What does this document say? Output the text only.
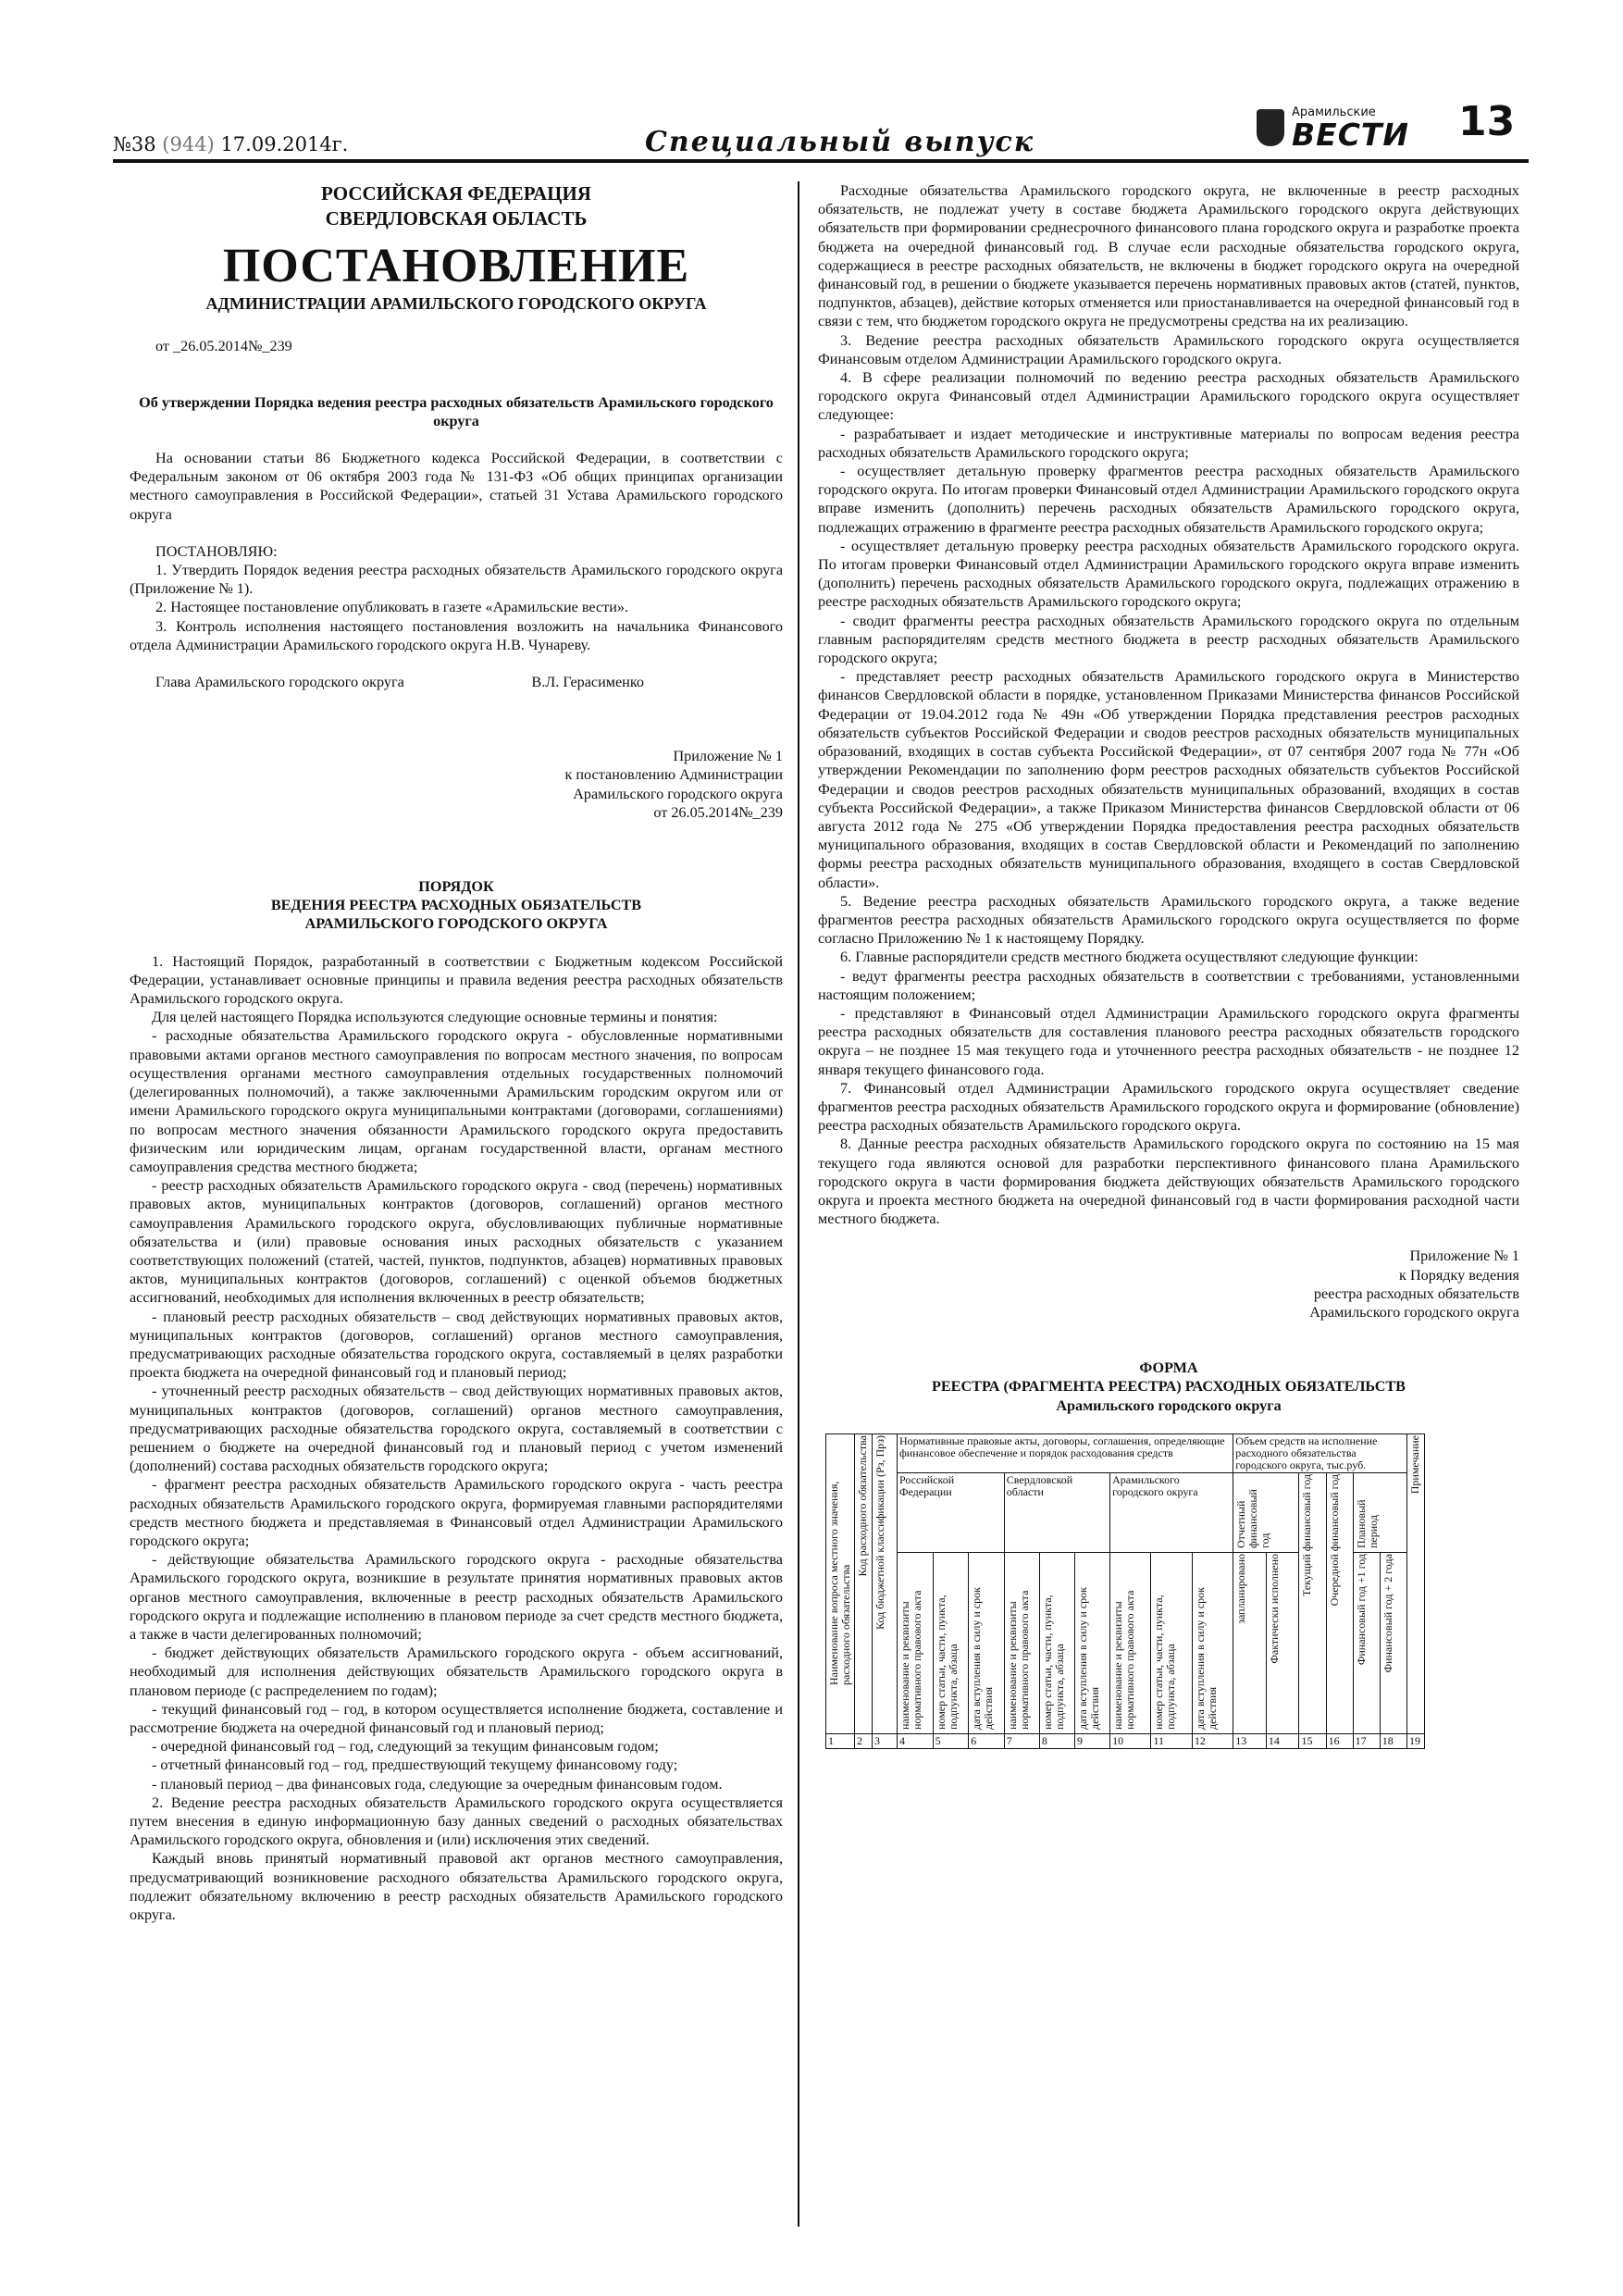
№38 (944) 17.09.2014г.	Специальный выпуск
Арамильские
ВЕСТИ 13
РОССИЙСКАЯ ФЕДЕРАЦИЯ
СВЕРДЛОВСКАЯ ОБЛАСТЬ
ПОСТАНОВЛЕНИЕ
АДМИНИСТРАЦИИ АРАМИЛЬСКОГО ГОРОДСКОГО ОКРУГА

от _26.05.2014№_239

Об утверждении Порядка ведения реестра расходных обязательств Арамильского городского округа

На основании статьи 86 Бюджетного кодекса Российской Федерации, в соответствии с Федеральным законом от 06 октября 2003 года № 131-ФЗ «Об общих принципах организации местного самоуправления в Российской Федерации», статьей 31 Устава Арамильского городского округа

ПОСТАНОВЛЯЮ:

1. Утвердить Порядок ведения реестра расходных обязательств Арамильского городского округа (Приложение № 1).

2. Настоящее постановление опубликовать в газете «Арамильские вести».

3. Контроль исполнения настоящего постановления возложить на начальника Финансового отдела Администрации Арамильского городского округа Н.В. Чунареву.

Глава Арамильского городского округа	В.Л. Герасименко

Приложение № 1

к постановлению Администрации

Арамильского городского округа

от 26.05.2014№_239

ПОРЯДОК

ВЕДЕНИЯ РЕЕСТРА РАСХОДНЫХ ОБЯЗАТЕЛЬСТВ

АРАМИЛЬСКОГО ГОРОДСКОГО ОКРУГА

1. Настоящий Порядок, разработанный в соответствии с Бюджетным кодексом Российской Федерации, устанавливает основные принципы и правила ведения реестра расходных обязательств Арамильского городского округа.

Для целей настоящего Порядка используются следующие основные термины и понятия:

- расходные обязательства Арамильского городского округа - обусловленные нормативными правовыми актами органов местного самоуправления по вопросам местного значения, по вопросам осуществления органами местного самоуправления отдельных государственных полномочий (делегированных полномочий), а также заключенными Арамильским городским округом или от имени Арамильского городского округа муниципальными контрактами (договорами, соглашениями) по вопросам местного значения обязанности Арамильского городского округа предоставить физическим или юридическим лицам, органам государственной власти, органам местного самоуправления средства местного бюджета;

- реестр расходных обязательств Арамильского городского округа - свод (перечень) нормативных правовых актов, муниципальных контрактов (договоров, соглашений) органов местного самоуправления Арамильского городского округа, обусловливающих публичные нормативные обязательства и (или) правовые основания иных расходных обязательств с указанием соответствующих положений (статей, частей, пунктов, подпунктов, абзацев) нормативных правовых актов, муниципальных контрактов (договоров, соглашений) с оценкой объемов бюджетных ассигнований, необходимых для исполнения включенных в реестр обязательств;

- плановый реестр расходных обязательств – свод действующих нормативных правовых актов, муниципальных контрактов (договоров, соглашений) органов местного самоуправления, предусматривающих расходные обязательства городского округа, составляемый в целях разработки проекта бюджета на очередной финансовый год и плановый период;

- уточненный реестр расходных обязательств – свод действующих нормативных правовых актов, муниципальных контрактов (договоров, соглашений) органов местного самоуправления, предусматривающих расходные обязательства городского округа, составляемый в соответствии с решением о бюджете на очередной финансовый год и плановый период с учетом изменений (дополнений) состава расходных обязательств городского округа;

- фрагмент реестра расходных обязательств Арамильского городского округа - часть реестра расходных обязательств Арамильского городского округа, формируемая главными распорядителями средств местного бюджета и представляемая в Финансовый отдел Администрации Арамильского городского округа;

- действующие обязательства Арамильского городского округа - расходные обязательства Арамильского городского округа, возникшие в результате принятия нормативных правовых актов органов местного самоуправления, включенные в реестр расходных обязательств Арамильского городского округа и подлежащие исполнению в плановом периоде за счет средств местного бюджета, а также в части делегированных полномочий;

- бюджет действующих обязательств Арамильского городского округа - объем ассигнований, необходимый для исполнения действующих обязательств Арамильского городского округа в плановом периоде (с распределением по годам);

- текущий финансовый год – год, в котором осуществляется исполнение бюджета, составление и рассмотрение бюджета на очередной финансовый год и плановый период;

- очередной финансовый год – год, следующий за текущим финансовым годом;

- отчетный финансовый год – год, предшествующий текущему финансовому году;

- плановый период – два финансовых года, следующие за очередным финансовым годом.

2. Ведение реестра расходных обязательств Арамильского городского округа осуществляется путем внесения в единую информационную базу данных сведений о расходных обязательствах Арамильского городского округа, обновления и (или) исключения этих сведений.

Каждый вновь принятый нормативный правовой акт органов местного самоуправления, предусматривающий возникновение расходного обязательства Арамильского городского округа, подлежит обязательному включению в реестр расходных обязательств Арамильского городского округа.

Расходные обязательства Арамильского городского округа, не включенные в реестр расходных обязательств, не подлежат учету в составе бюджета Арамильского городского округа действующих обязательств при формировании среднесрочного финансового плана городского округа и разработке проекта бюджета на очередной финансовый год. В случае если расходные обязательства городского округа, содержащиеся в реестре расходных обязательств, не включены в бюджет городского округа на очередной финансовый год, в решении о бюджете указывается перечень нормативных правовых актов (статей, пунктов, подпунктов, абзацев), действие которых отменяется или приостанавливается на очередной финансовый год в связи с тем, что бюджетом городского округа не предусмотрены средства на их реализацию.

3. Ведение реестра расходных обязательств Арамильского городского округа осуществляется Финансовым отделом Администрации Арамильского городского округа.

4. В сфере реализации полномочий по ведению реестра расходных обязательств Арамильского городского округа Финансовый отдел Администрации Арамильского городского округа осуществляет следующее:

- разрабатывает и издает методические и инструктивные материалы по вопросам ведения реестра расходных обязательств Арамильского городского округа;

- осуществляет детальную проверку фрагментов реестра расходных обязательств Арамильского городского округа. По итогам проверки Финансовый отдел Администрации Арамильского городского округа вправе изменить (дополнить) перечень расходных обязательств Арамильского городского округа, подлежащих отражению в фрагменте реестра расходных обязательств Арамильского городского округа;

- осуществляет детальную проверку реестра расходных обязательств Арамильского городского округа. По итогам проверки Финансовый отдел Администрации Арамильского городского округа вправе изменить (дополнить) перечень расходных обязательств Арамильского городского округа, подлежащих отражению в реестре расходных обязательств Арамильского городского округа;

- сводит фрагменты реестра расходных обязательств Арамильского городского округа по отдельным главным распорядителям средств местного бюджета в реестр расходных обязательств Арамильского городского округа;

- представляет реестр расходных обязательств Арамильского городского округа в Министерство финансов Свердловской области в порядке, установленном Приказами Министерства финансов Российской Федерации от 19.04.2012 года № 49н «Об утверждении Порядка представления реестров расходных обязательств субъектов Российской Федерации и сводов реестров расходных обязательств муниципальных образований, входящих в состав субъекта Российской Федерации», от 07 сентября 2007 года № 77н «Об утверждении Рекомендации по заполнению форм реестров расходных обязательств субъектов Российской Федерации и сводов реестров расходных обязательств муниципальных образований, входящих в состав субъекта Российской Федерации», а также Приказом Министерства финансов Свердловской области от 06 августа 2012 года № 275 «Об утверждении Порядка предоставления реестра расходных обязательств муниципального образования, входящих в состав Свердловской области и Рекомендаций по заполнению формы реестра расходных обязательств муниципального образования, входящего в состав Свердловской области».

5. Ведение реестра расходных обязательств Арамильского городского округа, а также ведение фрагментов реестра расходных обязательств Арамильского городского округа осуществляется по форме согласно Приложению № 1 к настоящему Порядку.

6. Главные распорядители средств местного бюджета осуществляют следующие функции:

- ведут фрагменты реестра расходных обязательств в соответствии с требованиями, установленными настоящим положением;

- представляют в Финансовый отдел Администрации Арамильского городского округа фрагменты реестра расходных обязательств для составления планового реестра расходных обязательств городского округа – не позднее 15 мая текущего года и уточненного реестра расходных обязательств - не позднее 12 января текущего финансового года.

7. Финансовый отдел Администрации Арамильского городского округа осуществляет сведение фрагментов реестра расходных обязательств Арамильского городского округа и формирование (обновление) реестра расходных обязательств Арамильского городского округа.

8. Данные реестра расходных обязательств Арамильского городского округа по состоянию на 15 мая текущего года являются основой для разработки перспективного финансового плана Арамильского городского округа в части формирования бюджета действующих обязательств Арамильского городского округа и проекта местного бюджета на очередной финансовый год в части формирования расходной части местного бюджета.

Приложение № 1

к Порядку ведения

реестра расходных обязательств

Арамильского городского округа

ФОРМА

РЕЕСТРА (ФРАГМЕНТА РЕЕСТРА) РАСХОДНЫХ ОБЯЗАТЕЛЬСТВ

Арамильского городского округа

Наименование вопроса местного значения, расходного обязательства	Код расходного обязательства	Код бюджетной классификации (Рз, Прз)	Нормативные правовые акты, договоры, соглашения, определяющие финансовое обеспечение и порядок расходования средств									Объем средств на исполнение расходного обязательства городского округа, тыс.руб.						Примечание
			Российской Федерации			Свердловской области			Арамильского городского округа			Отчетный финансовый год		Текущий финансовый год	Очередной финансовый год	Плановый период		
			наименование и реквизиты нормативного правового акта	номер статьи, части, пункта, подпункта, абзаца	дата вступления в силу и срок действия	наименование и реквизиты нормативного правового акта	номер статьи, части, пункта, подпункта, абзаца	дата вступления в силу и срок действия	наименование и реквизиты нормативного правового акта	номер статьи, части, пункта, подпункта, абзаца	дата вступления в силу и срок действия	запланировано	Фактически исполнено			Финансовый год +1 год	Финансовый год + 2 года	
1	2	3	4	5	6	7	8	9	10	11	12	13	14	15	16	17	18	19
